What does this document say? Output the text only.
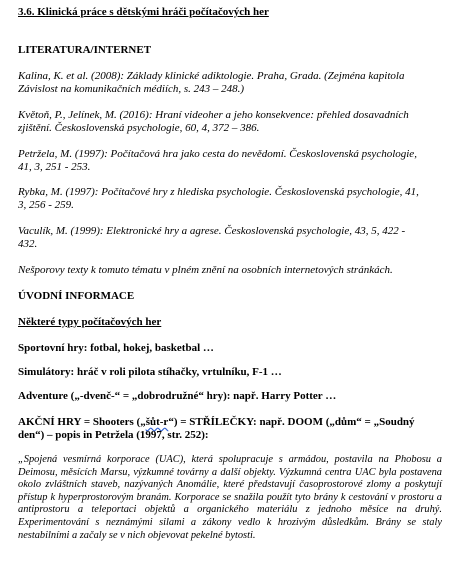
3.6. Klinická práce s dětskými hráči počítačových her
LITERATURA/INTERNET
Kalina, K. et al. (2008): Základy klinické adiktologie. Praha, Grada. (Zejména kapitola
Závislost na komunikačních médiích, s. 243 – 248.)
Květoň, P., Jelínek, M. (2016): Hraní videoher a jeho konsekvence: přehled dosavadních
zjištění. Československá psychologie, 60, 4, 372 – 386.
Petržela, M. (1997): Počítačová hra jako cesta do nevědomí. Československá psychologie,
41, 3, 251 - 253.
Rybka, M. (1997): Počítačové hry z hlediska psychologie. Československá psychologie, 41,
3, 256 - 259.
Vaculík, M. (1999): Elektronické hry a agrese. Československá psychologie, 43, 5, 422 -
432.
Nešporovy texty k tomuto tématu v plném znění na osobních internetových stránkách.
ÚVODNÍ INFORMACE
Některé typy počítačových her
Sportovní hry: fotbal, hokej, basketbal …
Simulátory: hráč v roli pilota stíhačky, vrtulníku, F-1 …
Adventure („-dvenč-“ = „dobrodružné“ hry): např. Harry Potter …
AKČNÍ HRY = Shooters („šůt-r“) = STŘÍLEČKY: např. DOOM („dům“ = „Soudný
den“) – popis in Petržela (1997, str. 252):
„Spojená vesmírná korporace (UAC), která spolupracuje s armádou, postavila na Phobosu a Deimosu, měsících Marsu, výzkumné továrny a další objekty. Výzkumná centra UAC byla postavena okolo zvláštních staveb, nazývaných Anomálie, které představují časoprostorové zlomy a poskytují přístup k hyperprostorovým branám. Korporace se snažila použít tyto brány k cestování v prostoru a antiprostoru a teleportaci objektů a organického materiálu z jednoho měsíce na druhý. Experimentování s neznámými silami a zákony vedlo k hrozivým důsledkům. Brány se staly nestabilními a začaly se v nich objevovat pekelné bytosti.
